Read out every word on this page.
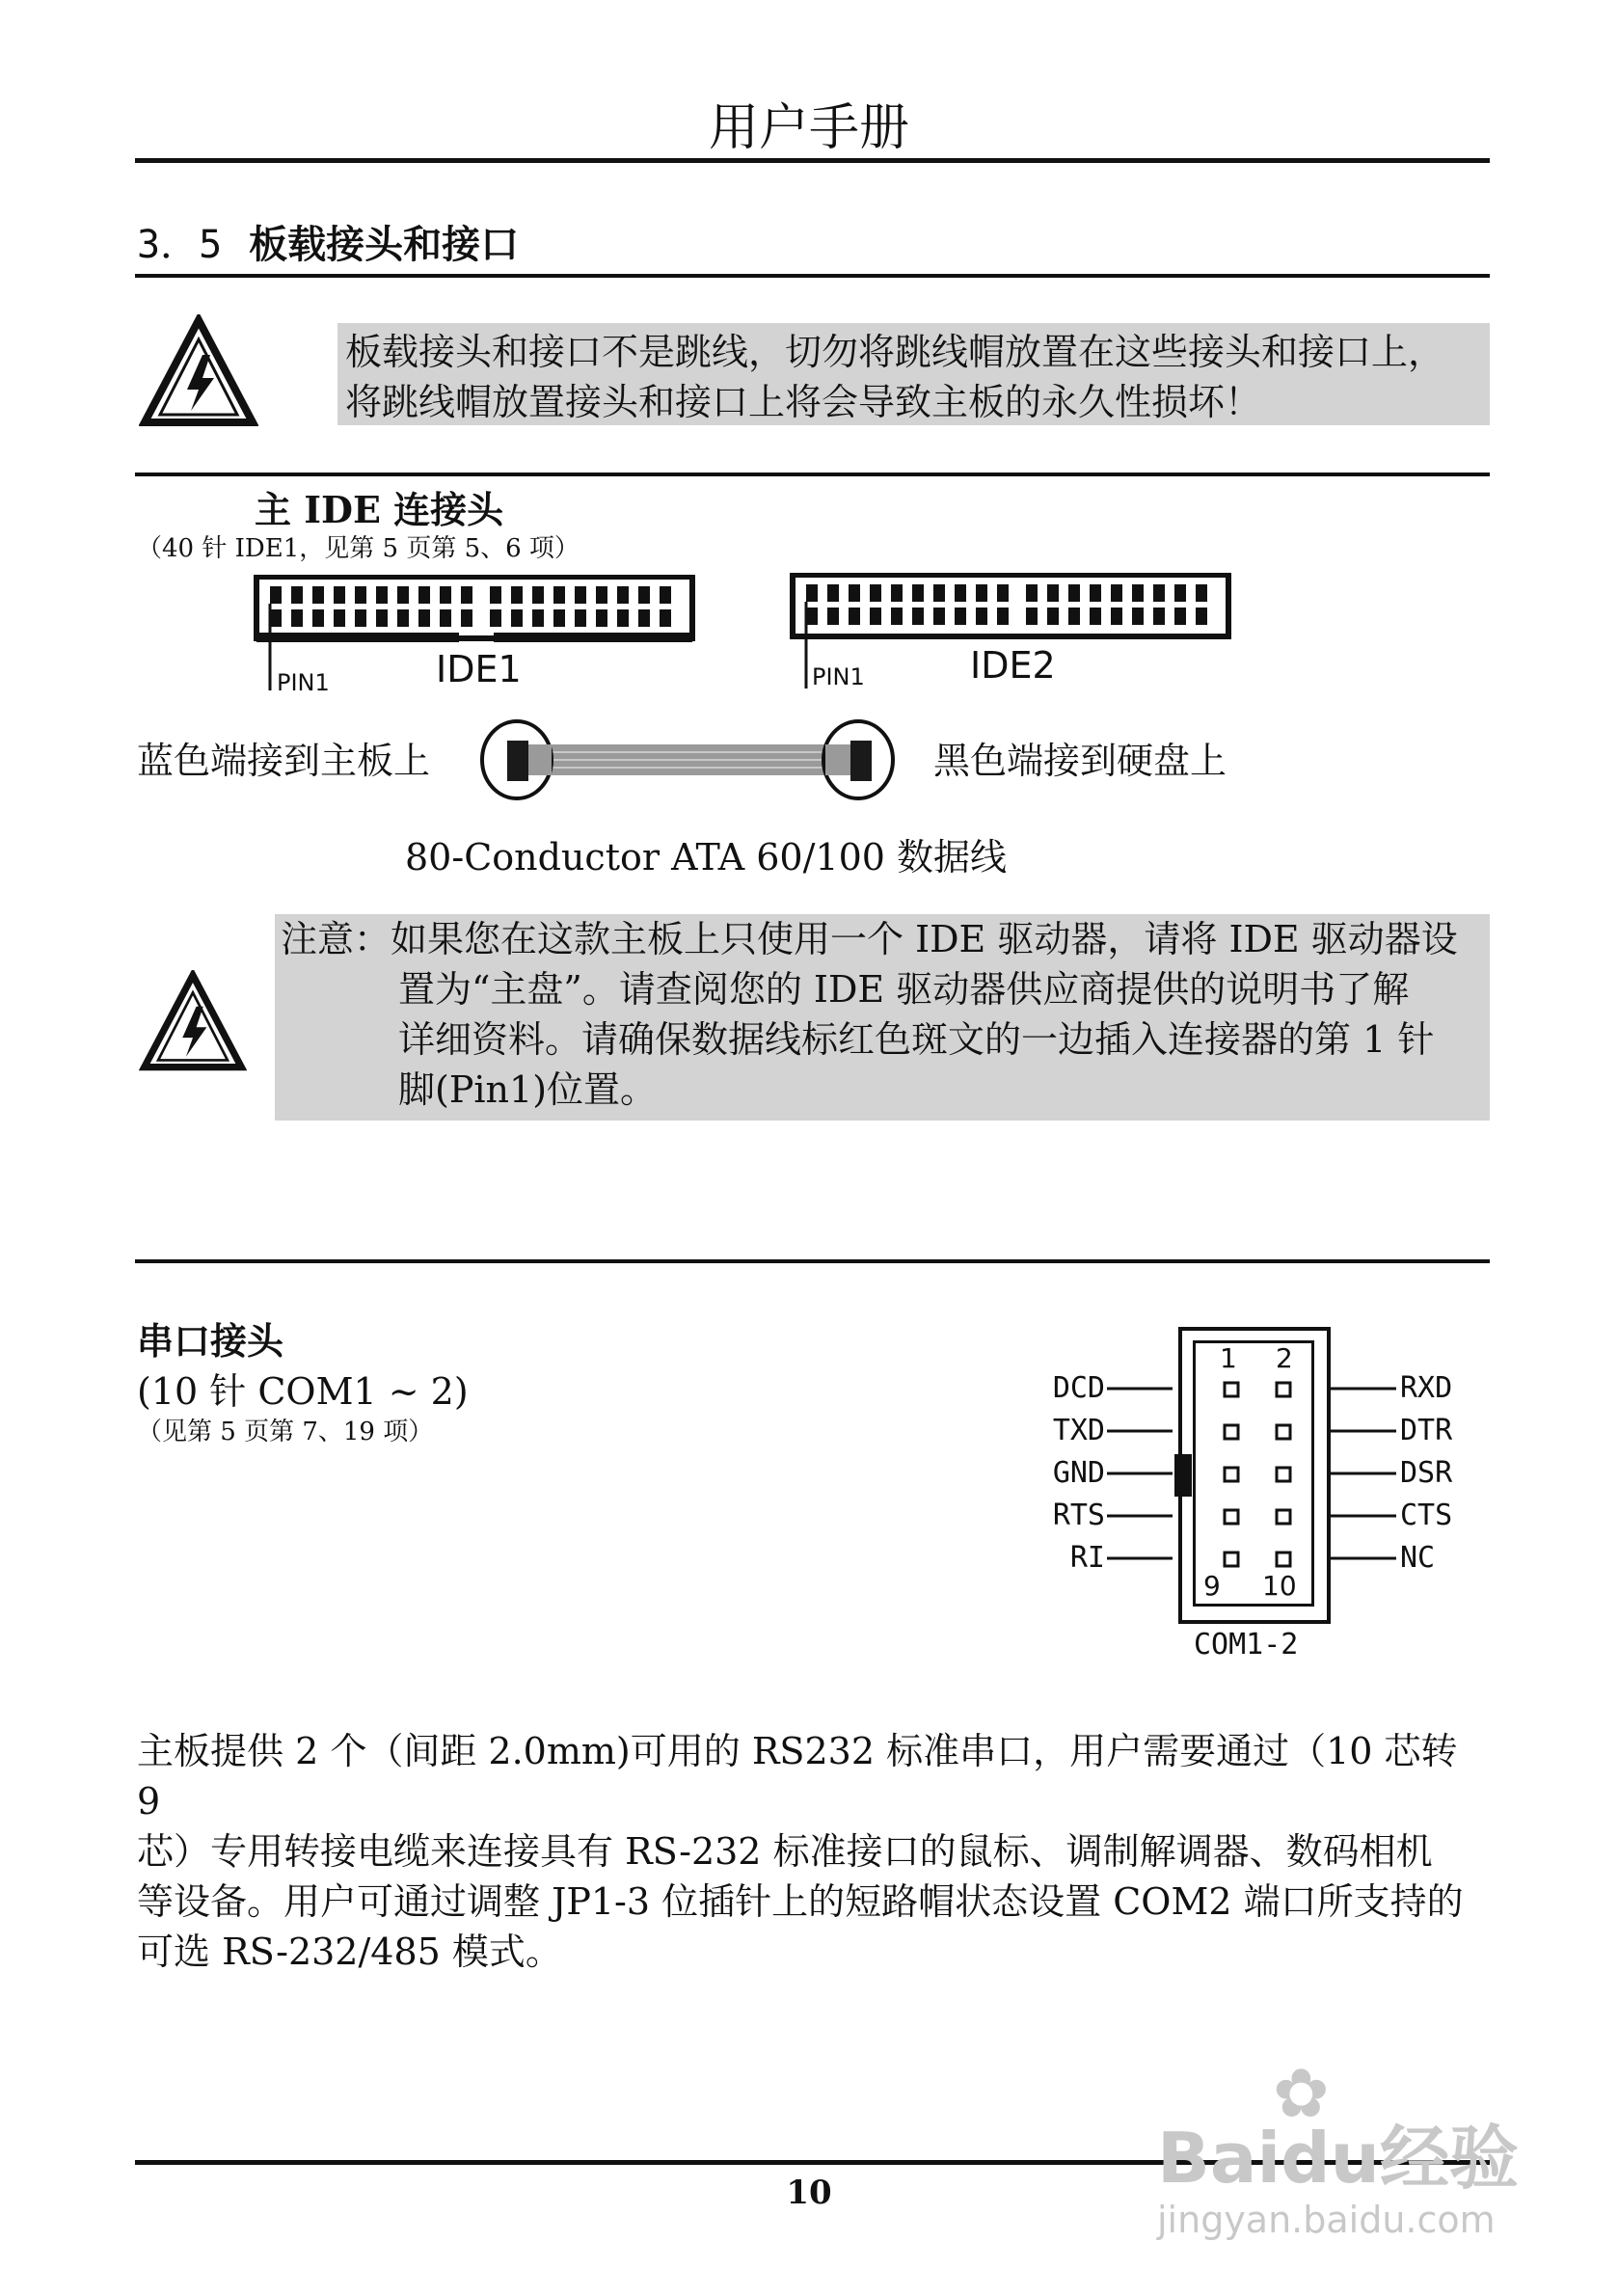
用户手册
3．5 板载接头和接口
板载接头和接口不是跳线，切勿将跳线帽放置在这些接头和接口上，
将跳线帽放置接头和接口上将会导致主板的永久性损坏！
主 IDE 连接头
（40 针 IDE1，见第 5 页第 5、6 项）
PIN1	IDE1	PIN1	IDE2
蓝色端接到主板上	黑色端接到硬盘上
80-Conductor ATA 60/100 数据线
注意：如果您在这款主板上只使用一个 IDE 驱动器，请将 IDE 驱动器设
置为“主盘”。请查阅您的 IDE 驱动器供应商提供的说明书了解
详细资料。请确保数据线标红色斑文的一边插入连接器的第 1 针
脚(Pin1)位置。
串口接头
(10 针 COM1 ~ 2)
（见第 5 页第 7、19 项）
1 2
9 10
DCD
TXD
GND
RTS
RI
RXD
DTR
DSR
CTS
NC
COM1-2
主板提供 2 个（间距 2.0mm)可用的 RS232 标准串口，用户需要通过（10 芯转 9
芯）专用转接电缆来连接具有 RS-232 标准接口的鼠标、调制解调器、数码相机
等设备。用户可通过调整 JP1-3 位插针上的短路帽状态设置 COM2 端口所支持的
可选 RS-232/485 模式。
10
✿
Baidu经验
jingyan.baidu.com
